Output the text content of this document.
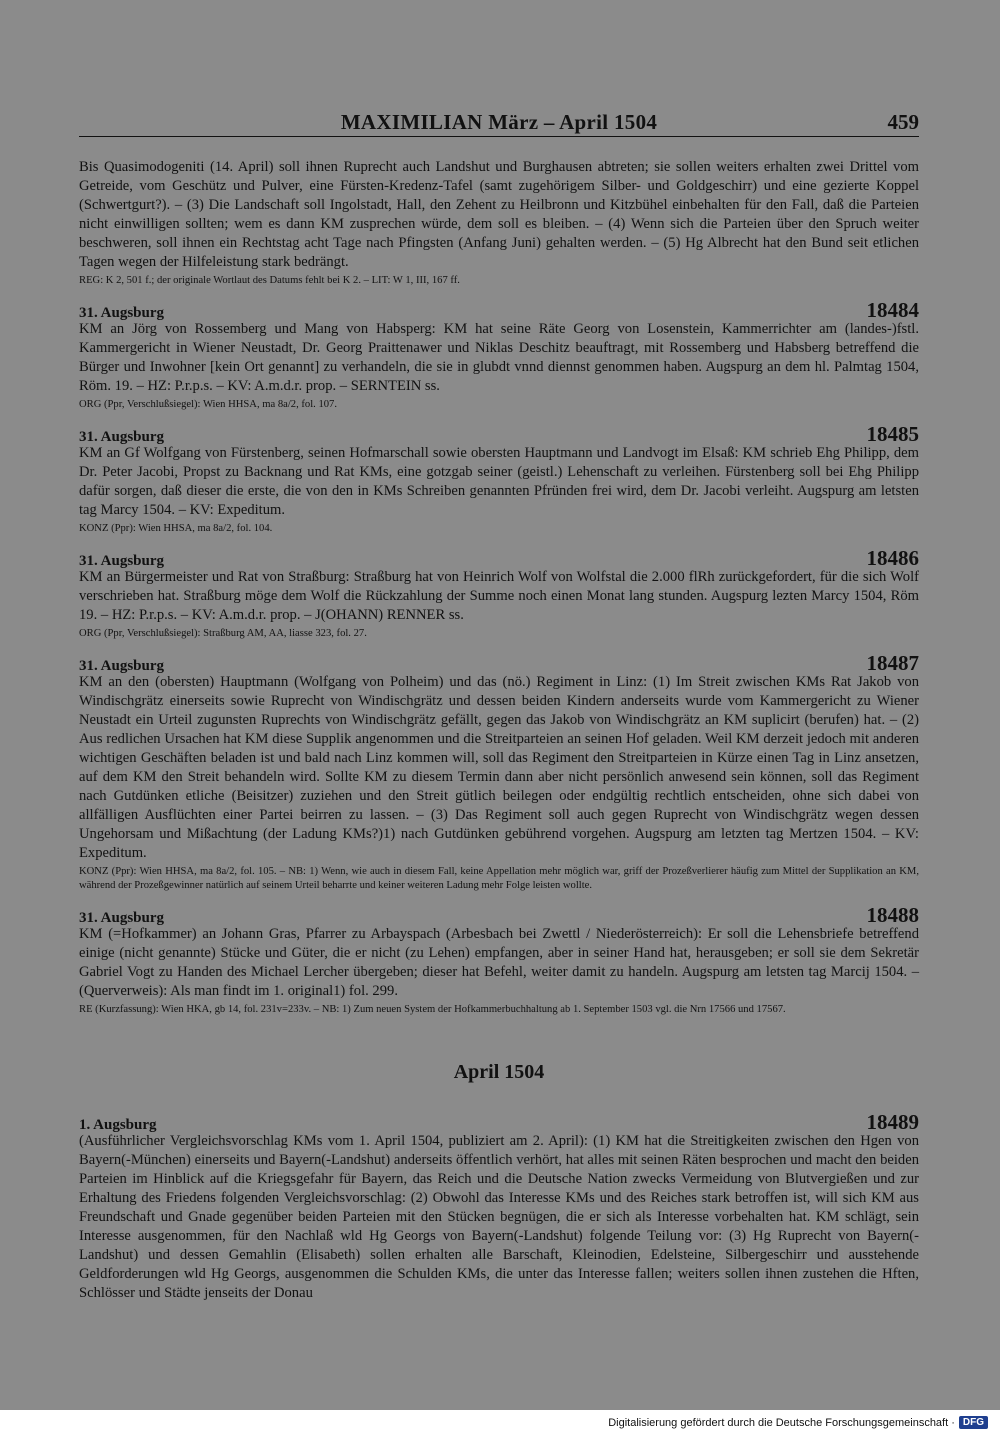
MAXIMILIAN März – April 1504	459

Bis Quasimodogeniti (14. April) soll ihnen Ruprecht auch Landshut und Burghausen abtreten; sie sollen weiters erhalten zwei Drittel vom Getreide, vom Geschütz und Pulver, eine Fürsten-Kredenz-Tafel (samt zugehörigem Silber- und Goldgeschirr) und eine gezierte Koppel (Schwertgurt?). – (3) Die Landschaft soll Ingolstadt, Hall, den Zehent zu Heilbronn und Kitzbühel einbehalten für den Fall, daß die Parteien nicht einwilligen sollten; wem es dann KM zusprechen würde, dem soll es bleiben. – (4) Wenn sich die Parteien über den Spruch weiter beschweren, soll ihnen ein Rechtstag acht Tage nach Pfingsten (Anfang Juni) gehalten werden. – (5) Hg Albrecht hat den Bund seit etlichen Tagen wegen der Hilfeleistung stark bedrängt.

REG: K 2, 501 f.; der originale Wortlaut des Datums fehlt bei K 2. – LIT: W 1, III, 167 ff.

31. Augsburg	18484

KM an Jörg von Rossemberg und Mang von Habsperg: KM hat seine Räte Georg von Losenstein, Kammerrichter am (landes-)fstl. Kammergericht in Wiener Neustadt, Dr. Georg Praittenawer und Niklas Deschitz beauftragt, mit Rossemberg und Habsberg betreffend die Bürger und Inwohner [kein Ort genannt] zu verhandeln, die sie in glubdt vnnd diennst genommen haben. Augspurg an dem hl. Palmtag 1504, Röm. 19. – HZ: P.r.p.s. – KV: A.m.d.r. prop. – SERNTEIN ss.

ORG (Ppr, Verschlußsiegel): Wien HHSA, ma 8a/2, fol. 107.

31. Augsburg	18485

KM an Gf Wolfgang von Fürstenberg, seinen Hofmarschall sowie obersten Hauptmann und Landvogt im Elsaß: KM schrieb Ehg Philipp, dem Dr. Peter Jacobi, Propst zu Backnang und Rat KMs, eine gotzgab seiner (geistl.) Lehenschaft zu verleihen. Fürstenberg soll bei Ehg Philipp dafür sorgen, daß dieser die erste, die von den in KMs Schreiben genannten Pfründen frei wird, dem Dr. Jacobi verleiht. Augspurg am letsten tag Marcy 1504. – KV: Expeditum.

KONZ (Ppr): Wien HHSA, ma 8a/2, fol. 104.

31. Augsburg	18486

KM an Bürgermeister und Rat von Straßburg: Straßburg hat von Heinrich Wolf von Wolfstal die 2.000 flRh zurückgefordert, für die sich Wolf verschrieben hat. Straßburg möge dem Wolf die Rückzahlung der Summe noch einen Monat lang stunden. Augspurg lezten Marcy 1504, Röm 19. – HZ: P.r.p.s. – KV: A.m.d.r. prop. – J(OHANN) RENNER ss.

ORG (Ppr, Verschlußsiegel): Straßburg AM, AA, liasse 323, fol. 27.

31. Augsburg	18487

KM an den (obersten) Hauptmann (Wolfgang von Polheim) und das (nö.) Regiment in Linz: (1) Im Streit zwischen KMs Rat Jakob von Windischgrätz einerseits sowie Ruprecht von Windischgrätz und dessen beiden Kindern anderseits wurde vom Kammergericht zu Wiener Neustadt ein Urteil zugunsten Ruprechts von Windischgrätz gefällt, gegen das Jakob von Windischgrätz an KM suplicirt (berufen) hat. – (2) Aus redlichen Ursachen hat KM diese Supplik angenommen und die Streitparteien an seinen Hof geladen. Weil KM derzeit jedoch mit anderen wichtigen Geschäften beladen ist und bald nach Linz kommen will, soll das Regiment den Streitparteien in Kürze einen Tag in Linz ansetzen, auf dem KM den Streit behandeln wird. Sollte KM zu diesem Termin dann aber nicht persönlich anwesend sein können, soll das Regiment nach Gutdünken etliche (Beisitzer) zuziehen und den Streit gütlich beilegen oder endgültig rechtlich entscheiden, ohne sich dabei von allfälligen Ausflüchten einer Partei beirren zu lassen. – (3) Das Regiment soll auch gegen Ruprecht von Windischgrätz wegen dessen Ungehorsam und Mißachtung (der Ladung KMs?)1) nach Gutdünken gebührend vorgehen. Augspurg am letzten tag Mertzen 1504. – KV: Expeditum.

KONZ (Ppr): Wien HHSA, ma 8a/2, fol. 105. – NB: 1) Wenn, wie auch in diesem Fall, keine Appellation mehr möglich war, griff der Prozeßverlierer häufig zum Mittel der Supplikation an KM, während der Prozeßgewinner natürlich auf seinem Urteil beharrte und keiner weiteren Ladung mehr Folge leisten wollte.

31. Augsburg	18488

KM (=Hofkammer) an Johann Gras, Pfarrer zu Arbayspach (Arbesbach bei Zwettl / Niederösterreich): Er soll die Lehensbriefe betreffend einige (nicht genannte) Stücke und Güter, die er nicht (zu Lehen) empfangen, aber in seiner Hand hat, herausgeben; er soll sie dem Sekretär Gabriel Vogt zu Handen des Michael Lercher übergeben; dieser hat Befehl, weiter damit zu handeln. Augspurg am letsten tag Marcij 1504. – (Querverweis): Als man findt im 1. original1) fol. 299.

RE (Kurzfassung): Wien HKA, gb 14, fol. 231v=233v. – NB: 1) Zum neuen System der Hofkammerbuchhaltung ab 1. September 1503 vgl. die Nrn 17566 und 17567.

April 1504
1. Augsburg	18489

(Ausführlicher Vergleichsvorschlag KMs vom 1. April 1504, publiziert am 2. April): (1) KM hat die Streitigkeiten zwischen den Hgen von Bayern(-München) einerseits und Bayern(-Landshut) anderseits öffentlich verhört, hat alles mit seinen Räten besprochen und macht den beiden Parteien im Hinblick auf die Kriegsgefahr für Bayern, das Reich und die Deutsche Nation zwecks Vermeidung von Blutvergießen und zur Erhaltung des Friedens folgenden Vergleichsvorschlag: (2) Obwohl das Interesse KMs und des Reiches stark betroffen ist, will sich KM aus Freundschaft und Gnade gegenüber beiden Parteien mit den Stücken begnügen, die er sich als Interesse vorbehalten hat. KM schlägt, sein Interesse ausgenommen, für den Nachlaß wld Hg Georgs von Bayern(-Landshut) folgende Teilung vor: (3) Hg Ruprecht von Bayern(-Landshut) und dessen Gemahlin (Elisabeth) sollen erhalten alle Barschaft, Kleinodien, Edelsteine, Silbergeschirr und ausstehende Geldforderungen wld Hg Georgs, ausgenommen die Schulden KMs, die unter das Interesse fallen; weiters sollen ihnen zustehen die Hften, Schlösser und Städte jenseits der Donau

Digitalisierung gefördert durch die Deutsche Forschungsgemeinschaft · DFG
